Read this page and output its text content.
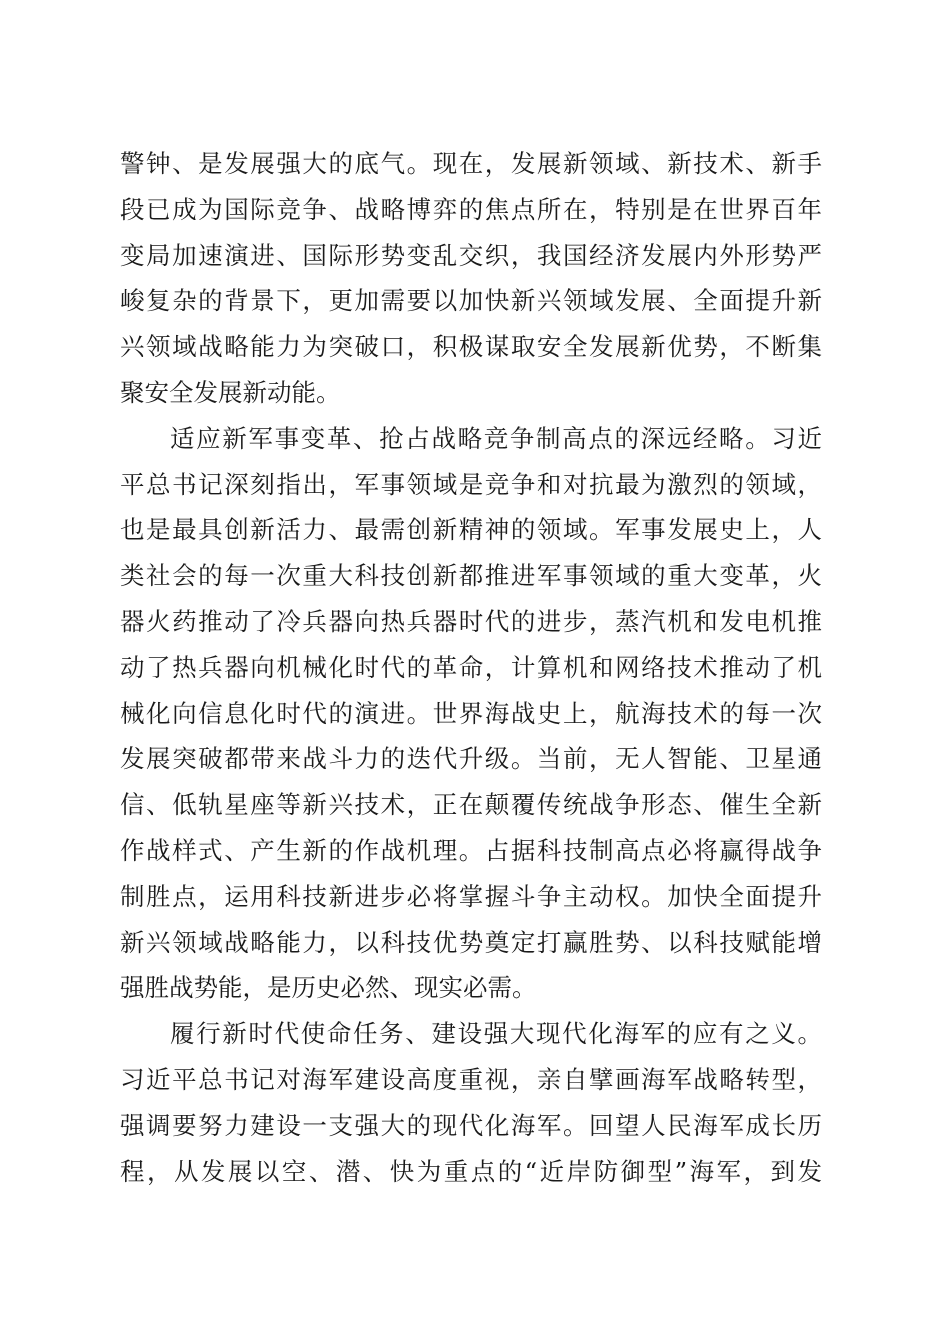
警钟、是发展强大的底气。现在，发展新领域、新技术、新手
段已成为国际竞争、战略博弈的焦点所在，特别是在世界百年
变局加速演进、国际形势变乱交织，我国经济发展内外形势严
峻复杂的背景下，更加需要以加快新兴领域发展、全面提升新
兴领域战略能力为突破口，积极谋取安全发展新优势，不断集
聚安全发展新动能。
适应新军事变革、抢占战略竞争制高点的深远经略。习近
平总书记深刻指出，军事领域是竞争和对抗最为激烈的领域，
也是最具创新活力、最需创新精神的领域。军事发展史上，人
类社会的每一次重大科技创新都推进军事领域的重大变革，火
器火药推动了冷兵器向热兵器时代的进步，蒸汽机和发电机推
动了热兵器向机械化时代的革命，计算机和网络技术推动了机
械化向信息化时代的演进。世界海战史上，航海技术的每一次
发展突破都带来战斗力的迭代升级。当前，无人智能、卫星通
信、低轨星座等新兴技术，正在颠覆传统战争形态、催生全新
作战样式、产生新的作战机理。占据科技制高点必将赢得战争
制胜点，运用科技新进步必将掌握斗争主动权。加快全面提升
新兴领域战略能力，以科技优势奠定打赢胜势、以科技赋能增
强胜战势能，是历史必然、现实必需。
履行新时代使命任务、建设强大现代化海军的应有之义。
习近平总书记对海军建设高度重视，亲自擘画海军战略转型，
强调要努力建设一支强大的现代化海军。回望人民海军成长历
程，从发展以空、潜、快为重点的“近岸防御型”海军，到发
